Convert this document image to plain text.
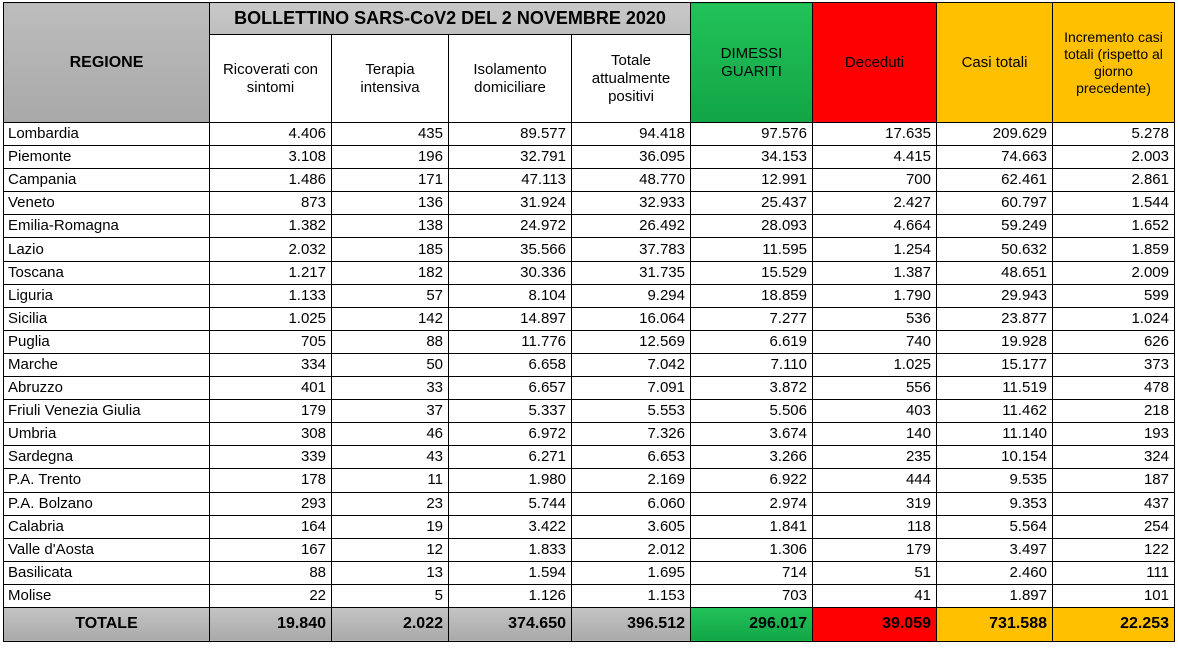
REGIONE	BOLLETTINO SARS-CoV2 DEL 2 NOVEMBRE 2020				DIMESSI GUARITI	Deceduti	Casi totali	Incremento casi totali (rispetto al giorno precedente)
	Ricoverati con sintomi	Terapia intensiva	Isolamento domiciliare	Totale attualmente positivi				
Lombardia	4.406	435	89.577	94.418	97.576	17.635	209.629	5.278
Piemonte	3.108	196	32.791	36.095	34.153	4.415	74.663	2.003
Campania	1.486	171	47.113	48.770	12.991	700	62.461	2.861
Veneto	873	136	31.924	32.933	25.437	2.427	60.797	1.544
Emilia-Romagna	1.382	138	24.972	26.492	28.093	4.664	59.249	1.652
Lazio	2.032	185	35.566	37.783	11.595	1.254	50.632	1.859
Toscana	1.217	182	30.336	31.735	15.529	1.387	48.651	2.009
Liguria	1.133	57	8.104	9.294	18.859	1.790	29.943	599
Sicilia	1.025	142	14.897	16.064	7.277	536	23.877	1.024
Puglia	705	88	11.776	12.569	6.619	740	19.928	626
Marche	334	50	6.658	7.042	7.110	1.025	15.177	373
Abruzzo	401	33	6.657	7.091	3.872	556	11.519	478
Friuli Venezia Giulia	179	37	5.337	5.553	5.506	403	11.462	218
Umbria	308	46	6.972	7.326	3.674	140	11.140	193
Sardegna	339	43	6.271	6.653	3.266	235	10.154	324
P.A. Trento	178	11	1.980	2.169	6.922	444	9.535	187
P.A. Bolzano	293	23	5.744	6.060	2.974	319	9.353	437
Calabria	164	19	3.422	3.605	1.841	118	5.564	254
Valle d'Aosta	167	12	1.833	2.012	1.306	179	3.497	122
Basilicata	88	13	1.594	1.695	714	51	2.460	111
Molise	22	5	1.126	1.153	703	41	1.897	101
TOTALE	19.840	2.022	374.650	396.512	296.017	39.059	731.588	22.253
